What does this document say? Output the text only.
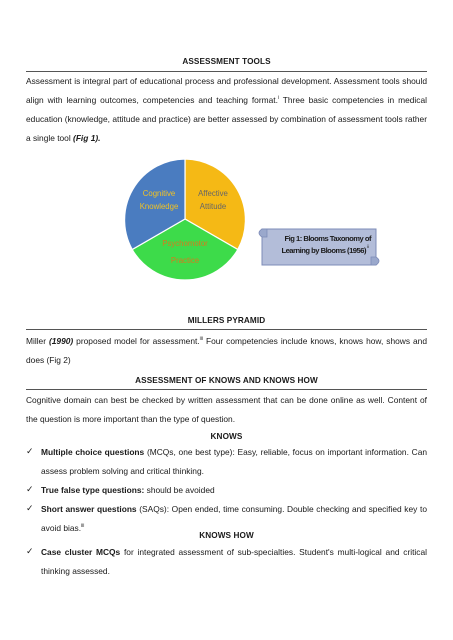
ASSESSMENT TOOLS

Assessment is integral part of educational process and professional development. Assessment tools should align with learning outcomes, competencies and teaching format.$^i$ Three basic competencies in medical education (knowledge, attitude and practice) are better assessed by combination of assessment tools rather a single tool (Fig 1).

Cognitive
Knowledge
Affective
Attitude
Psychomotor
Practice
Fig 1: Blooms Taxonomy of
Learning by Blooms (1956) ii
MILLERS PYRAMID

Miller (1990) proposed model for assessment.$^{iii}$ Four competencies include knows, knows how, shows and does (Fig 2)

ASSESSMENT OF KNOWS AND KNOWS HOW

Cognitive domain can best be checked by written assessment that can be done online as well. Content of the question is more important than the type of question.

KNOWS
✓ Multiple choice questions (MCQs, one best type): Easy, reliable, focus on important information. Can assess problem solving and critical thinking.
✓ True false type questions: should be avoided
✓ Short answer questions (SAQs): Open ended, time consuming. Double checking and specified key to avoid bias.$^{iii}$
KNOWS HOW
✓ Case cluster MCQs for integrated assessment of sub-specialties. Student's multi-logical and critical thinking assessed.
